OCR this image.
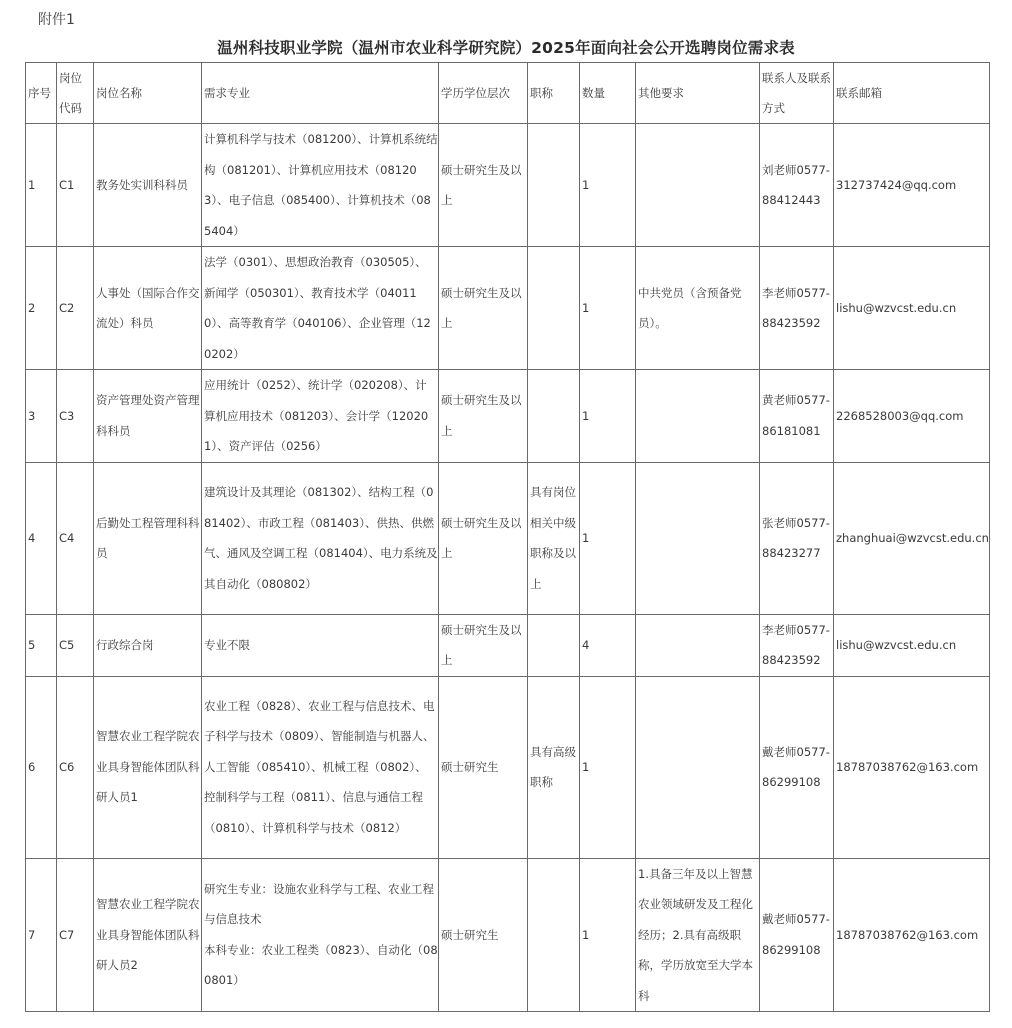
附件1
温州科技职业学院（温州市农业科学研究院）2025年面向社会公开选聘岗位需求表
序号	岗位代码	岗位名称	需求专业	学历学位层次	职称	数量	其他要求	联系人及联系方式	联系邮箱
1	C1	教务处实训科科员	计算机科学与技术（081200）、计算机系统结构（081201）、计算机应用技术（081203）、电子信息（085400）、计算机技术（085404）	硕士研究生及以上		1		刘老师0577-88412443	312737424@qq.com
2	C2	人事处（国际合作交流处）科员	法学（0301）、思想政治教育（030505）、新闻学（050301）、教育技术学（040110）、高等教育学（040106）、企业管理（120202）	硕士研究生及以上		1	中共党员（含预备党员）。	李老师0577-88423592	lishu@wzvcst.edu.cn
3	C3	资产管理处资产管理科科员	应用统计（0252）、统计学（020208）、计算机应用技术（081203）、会计学（120201）、资产评估（0256）	硕士研究生及以上		1		黄老师0577-86181081	2268528003@qq.com
4	C4	后勤处工程管理科科员	建筑设计及其理论（081302）、结构工程（081402）、市政工程（081403）、供热、供燃气、通风及空调工程（081404）、电力系统及其自动化（080802）	硕士研究生及以上	具有岗位相关中级职称及以上	1		张老师0577-88423277	zhanghuai@wzvcst.edu.cn
5	C5	行政综合岗	专业不限	硕士研究生及以上		4		李老师0577-88423592	lishu@wzvcst.edu.cn
6	C6	智慧农业工程学院农业具身智能体团队科研人员1	农业工程（0828）、农业工程与信息技术、电子科学与技术（0809）、智能制造与机器人、人工智能（085410）、机械工程（0802）、控制科学与工程（0811）、信息与通信工程（0810）、计算机科学与技术（0812）	硕士研究生	具有高级职称	1		戴老师0577-86299108	18787038762@163.com
7	C7	智慧农业工程学院农业具身智能体团队科研人员2	研究生专业：设施农业科学与工程、农业工程与信息技术
本科专业：农业工程类（0823）、自动化（080801）	硕士研究生		1	1.具备三年及以上智慧农业领域研发及工程化经历；2.具有高级职称，学历放宽至大学本科	戴老师0577-86299108	18787038762@163.com
